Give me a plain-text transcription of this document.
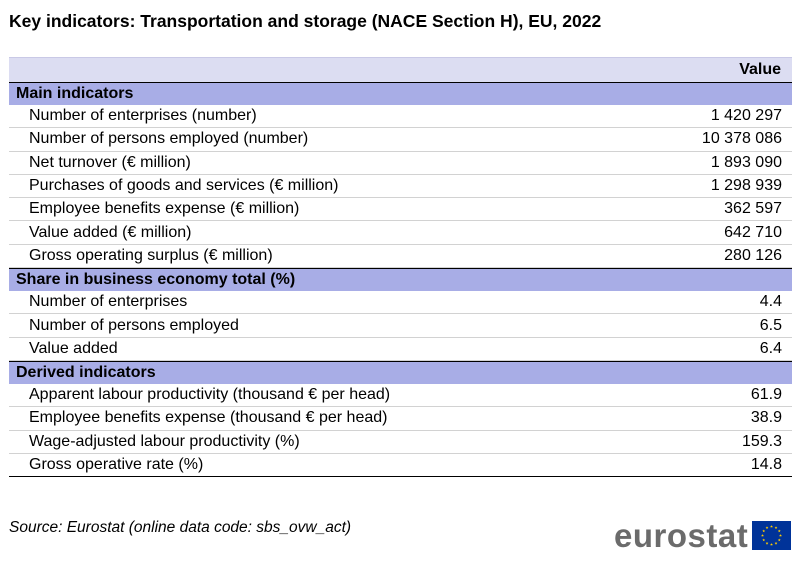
Key indicators: Transportation and storage (NACE Section H), EU, 2022
Value
Main indicators
Number of enterprises (number)	1 420 297
Number of persons employed (number)	10 378 086
Net turnover (€ million)	1 893 090
Purchases of goods and services (€ million)	1 298 939
Employee benefits expense (€ million)	362 597
Value added (€ million)	642 710
Gross operating surplus (€ million)	280 126
Share in business economy total (%)
Number of enterprises	4.4
Number of persons employed	6.5
Value added	6.4
Derived indicators
Apparent labour productivity (thousand € per head)	61.9
Employee benefits expense (thousand € per head)	38.9
Wage-adjusted labour productivity (%)	159.3
Gross operative rate (%)	14.8
Source: Eurostat (online data code: sbs_ovw_act)	eurostat
